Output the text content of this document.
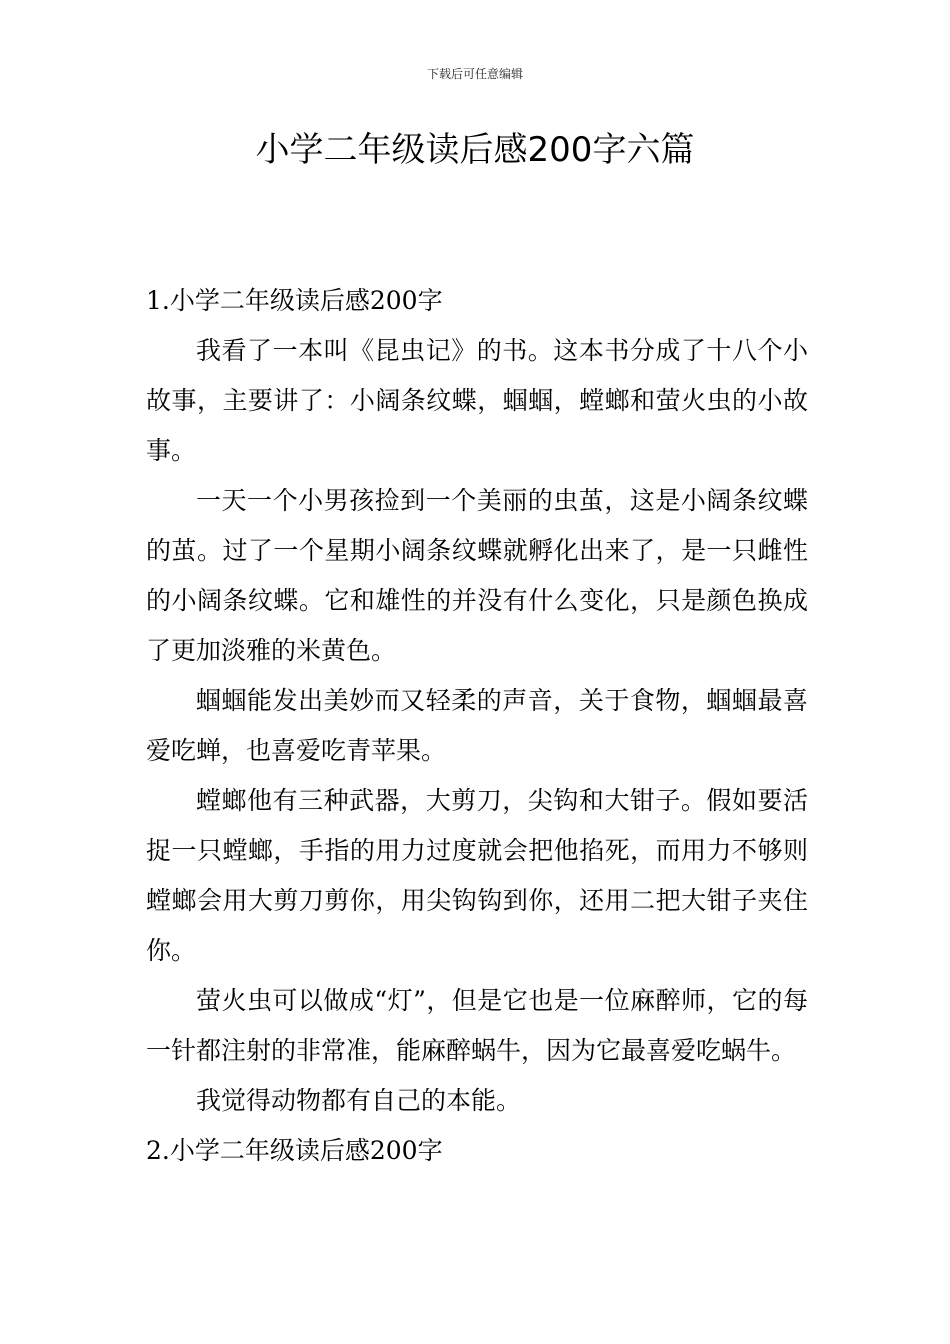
下载后可任意编辑
小学二年级读后感200字六篇

1.小学二年级读后感200字

我看了一本叫《昆虫记》的书。这本书分成了十八个小故事，主要讲了：小阔条纹蝶，蝈蝈，螳螂和萤火虫的小故事。

一天一个小男孩捡到一个美丽的虫茧，这是小阔条纹蝶的茧。过了一个星期小阔条纹蝶就孵化出来了，是一只雌性的小阔条纹蝶。它和雄性的并没有什么变化，只是颜色换成了更加淡雅的米黄色。

蝈蝈能发出美妙而又轻柔的声音，关于食物，蝈蝈最喜爱吃蝉，也喜爱吃青苹果。

螳螂他有三种武器，大剪刀，尖钩和大钳子。假如要活捉一只螳螂，手指的用力过度就会把他掐死，而用力不够则螳螂会用大剪刀剪你，用尖钩钩到你，还用二把大钳子夹住你。

萤火虫可以做成“灯”，但是它也是一位麻醉师，它的每一针都注射的非常准，能麻醉蜗牛，因为它最喜爱吃蜗牛。

我觉得动物都有自己的本能。

2.小学二年级读后感200字
